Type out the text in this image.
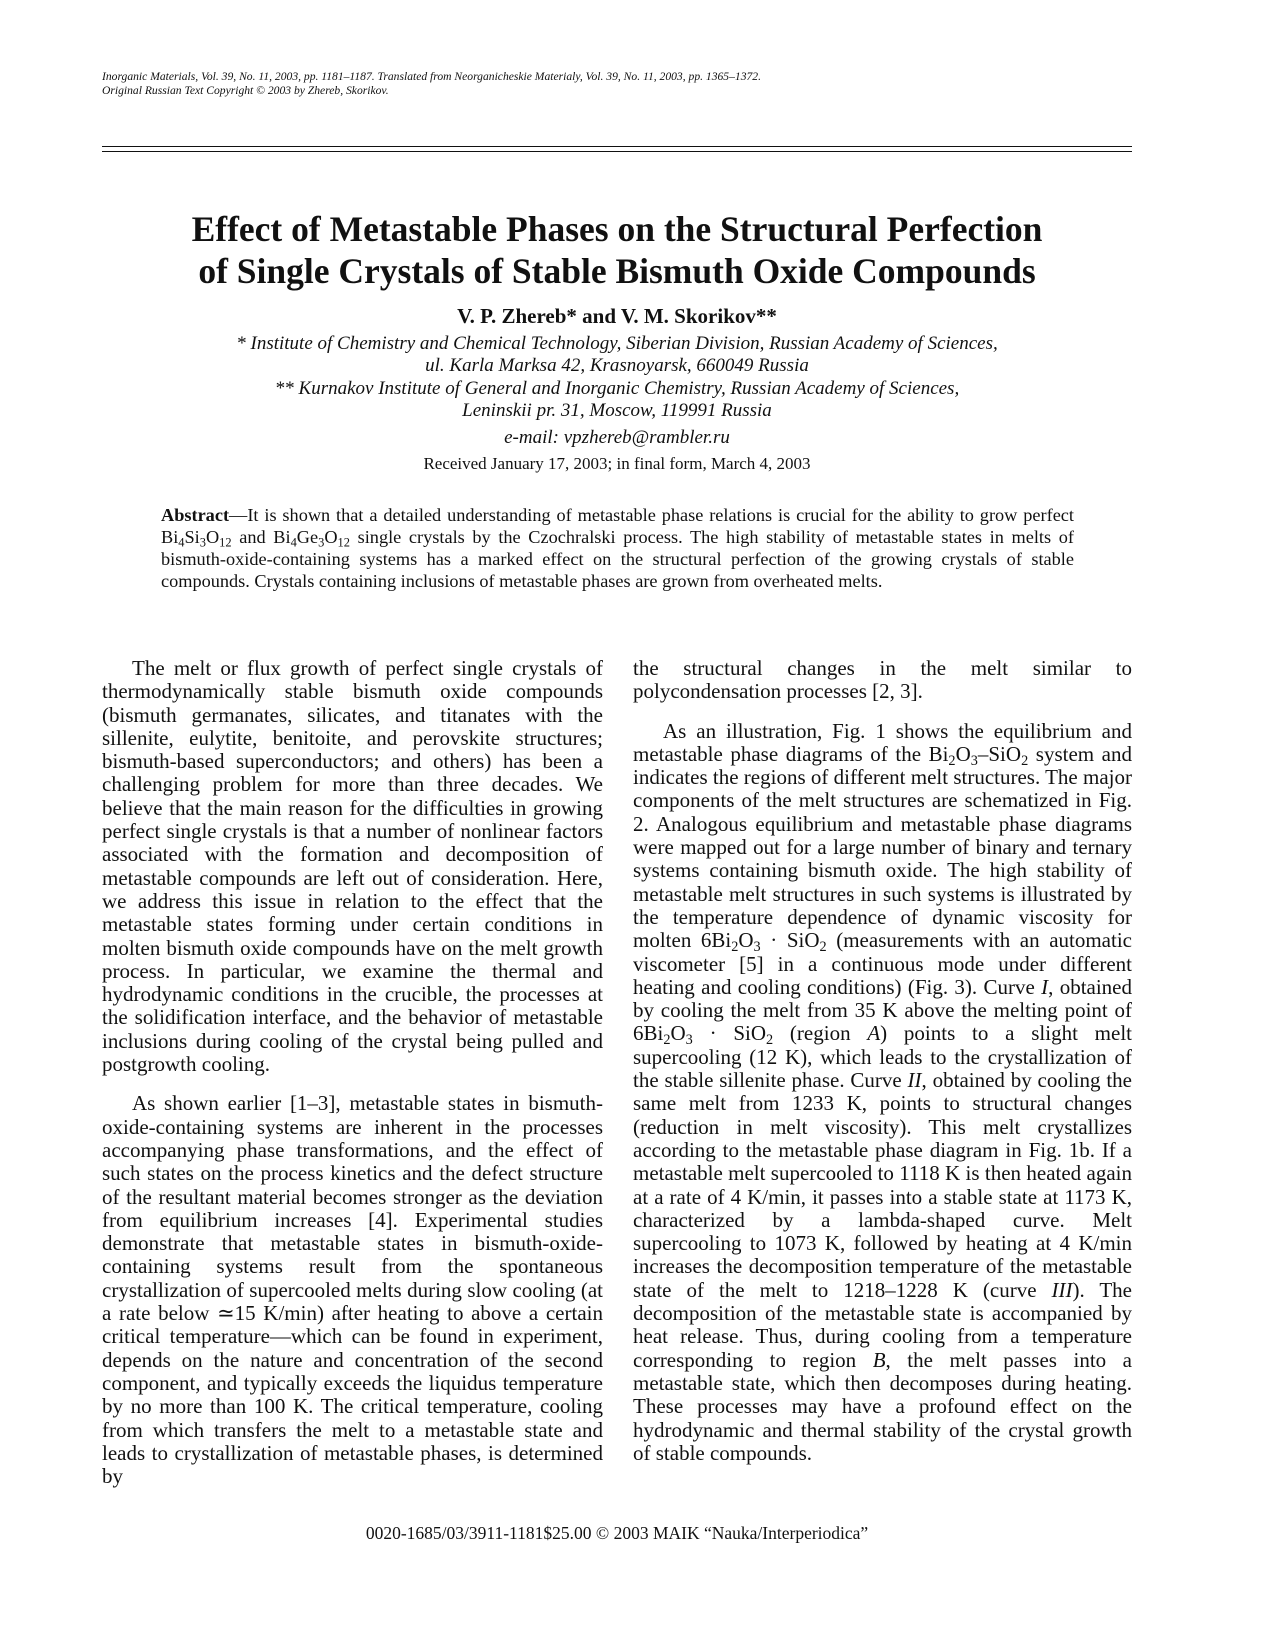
Inorganic Materials, Vol. 39, No. 11, 2003, pp. 1181–1187. Translated from Neorganicheskie Materialy, Vol. 39, No. 11, 2003, pp. 1365–1372.
Original Russian Text Copyright © 2003 by Zhereb, Skorikov.
Effect of Metastable Phases on the Structural Perfection
of Single Crystals of Stable Bismuth Oxide Compounds
V. P. Zhereb* and V. M. Skorikov**
* Institute of Chemistry and Chemical Technology, Siberian Division, Russian Academy of Sciences,
ul. Karla Marksa 42, Krasnoyarsk, 660049 Russia
** Kurnakov Institute of General and Inorganic Chemistry, Russian Academy of Sciences,
Leninskii pr. 31, Moscow, 119991 Russia
e-mail: vpzhereb@rambler.ru
Received January 17, 2003; in final form, March 4, 2003
Abstract—It is shown that a detailed understanding of metastable phase relations is crucial for the ability to grow perfect $Bi_4Si_3O_{12}$ and $Bi_4Ge_3O_{12}$ single crystals by the Czochralski process. The high stability of metastable states in melts of bismuth-oxide-containing systems has a marked effect on the structural perfection of the growing crystals of stable compounds. Crystals containing inclusions of metastable phases are grown from overheated melts.

The melt or flux growth of perfect single crystals of thermodynamically stable bismuth oxide compounds (bismuth germanates, silicates, and titanates with the sillenite, eulytite, benitoite, and perovskite structures; bismuth-based superconductors; and others) has been a challenging problem for more than three decades. We believe that the main reason for the difficulties in growing perfect single crystals is that a number of nonlinear factors associated with the formation and decomposition of metastable compounds are left out of consideration. Here, we address this issue in relation to the effect that the metastable states forming under certain conditions in molten bismuth oxide compounds have on the melt growth process. In particular, we examine the thermal and hydrodynamic conditions in the crucible, the processes at the solidification interface, and the behavior of metastable inclusions during cooling of the crystal being pulled and postgrowth cooling.

As shown earlier [1–3], metastable states in bismuth-oxide-containing systems are inherent in the processes accompanying phase transformations, and the effect of such states on the process kinetics and the defect structure of the resultant material becomes stronger as the deviation from equilibrium increases [4]. Experimental studies demonstrate that metastable states in bismuth-oxide-containing systems result from the spontaneous crystallization of supercooled melts during slow cooling (at a rate below ≃15 K/min) after heating to above a certain critical temperature—which can be found in experiment, depends on the nature and concentration of the second component, and typically exceeds the liquidus temperature by no more than 100 K. The critical temperature, cooling from which transfers the melt to a metastable state and leads to crystallization of metastable phases, is determined by

the structural changes in the melt similar to polycondensation processes [2, 3].

As an illustration, Fig. 1 shows the equilibrium and metastable phase diagrams of the $Bi_2O_3-SiO_2$ system and indicates the regions of different melt structures. The major components of the melt structures are schematized in Fig. 2. Analogous equilibrium and metastable phase diagrams were mapped out for a large number of binary and ternary systems containing bismuth oxide. The high stability of metastable melt structures in such systems is illustrated by the temperature dependence of dynamic viscosity for molten $6Bi_2O_3 \cdot SiO_2$ (measurements with an automatic viscometer [5] in a continuous mode under different heating and cooling conditions) (Fig. 3). Curve I, obtained by cooling the melt from 35 K above the melting point of $6Bi_2O_3 \cdot SiO_2$ (region A) points to a slight melt supercooling (12 K), which leads to the crystallization of the stable sillenite phase. Curve II, obtained by cooling the same melt from 1233 K, points to structural changes (reduction in melt viscosity). This melt crystallizes according to the metastable phase diagram in Fig. 1b. If a metastable melt supercooled to 1118 K is then heated again at a rate of 4 K/min, it passes into a stable state at 1173 K, characterized by a lambda-shaped curve. Melt supercooling to 1073 K, followed by heating at 4 K/min increases the decomposition temperature of the metastable state of the melt to 1218–1228 K (curve III). The decomposition of the metastable state is accompanied by heat release. Thus, during cooling from a temperature corresponding to region B, the melt passes into a metastable state, which then decomposes during heating. These processes may have a profound effect on the hydrodynamic and thermal stability of the crystal growth of stable compounds.

0020-1685/03/3911-1181$25.00 © 2003 MAIK “Nauka/Interperiodica”
